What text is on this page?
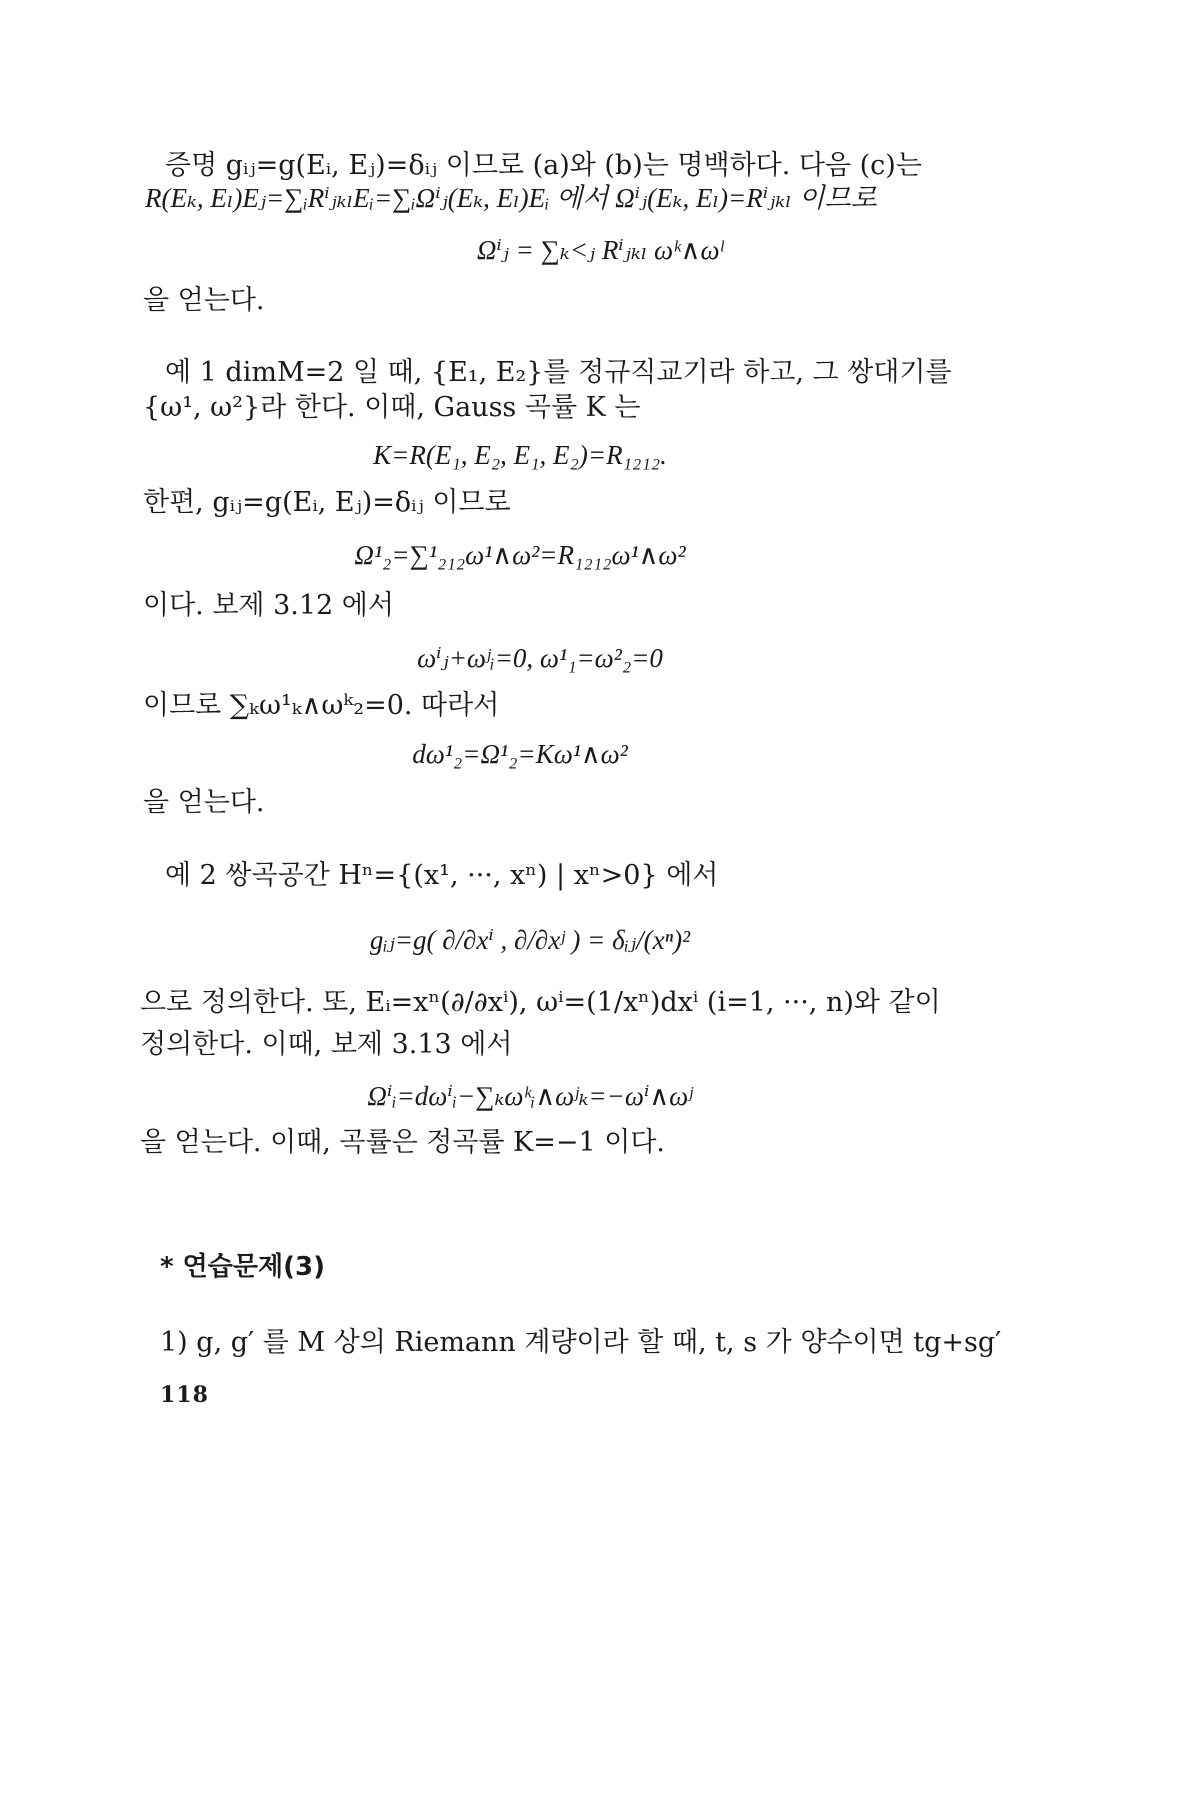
증명 gᵢⱼ=g(Eᵢ, Eⱼ)=δᵢⱼ 이므로 (a)와 (b)는 명백하다. 다음 (c)는
R(Eₖ, Eₗ)Eⱼ=∑ᵢRⁱⱼₖₗEᵢ=∑ᵢΩⁱⱼ(Eₖ, Eₗ)Eᵢ 에서 Ωⁱⱼ(Eₖ, Eₗ)=Rⁱⱼₖₗ 이므로
Ωⁱⱼ = ∑ₖ<ⱼ Rⁱⱼₖₗ ωᵏ∧ωˡ
을 얻는다.
예 1 dimM=2 일 때, {E₁, E₂}를 정규직교기라 하고, 그 쌍대기를
{ω¹, ω²}라 한다. 이때, Gauss 곡률 K 는
K=R(E₁, E₂, E₁, E₂)=R₁₂₁₂.
한편, gᵢⱼ=g(Eᵢ, Eⱼ)=δᵢⱼ 이므로
Ω¹₂=∑¹₂₁₂ω¹∧ω²=R₁₂₁₂ω¹∧ω²
이다. 보제 3.12 에서
ωⁱⱼ+ωʲᵢ=0, ω¹₁=ω²₂=0
이므로 ∑ₖω¹ₖ∧ωᵏ₂=0. 따라서
dω¹₂=Ω¹₂=Kω¹∧ω²
을 얻는다.
예 2 쌍곡공간 Hⁿ={(x¹, ···, xⁿ) | xⁿ>0} 에서
gᵢⱼ=g( ∂/∂xⁱ , ∂/∂xʲ ) = δᵢⱼ/(xⁿ)²
으로 정의한다. 또, Eᵢ=xⁿ(∂/∂xⁱ), ωⁱ=(1/xⁿ)dxⁱ (i=1, ···, n)와 같이
정의한다. 이때, 보제 3.13 에서
Ωⁱᵢ=dωⁱᵢ−∑ₖωᵏᵢ∧ωʲₖ=−ωⁱ∧ωʲ
을 얻는다. 이때, 곡률은 정곡률 K=−1 이다.
* 연습문제(3)
1) g, g′ 를 M 상의 Riemann 계량이라 할 때, t, s 가 양수이면 tg+sg′
118
